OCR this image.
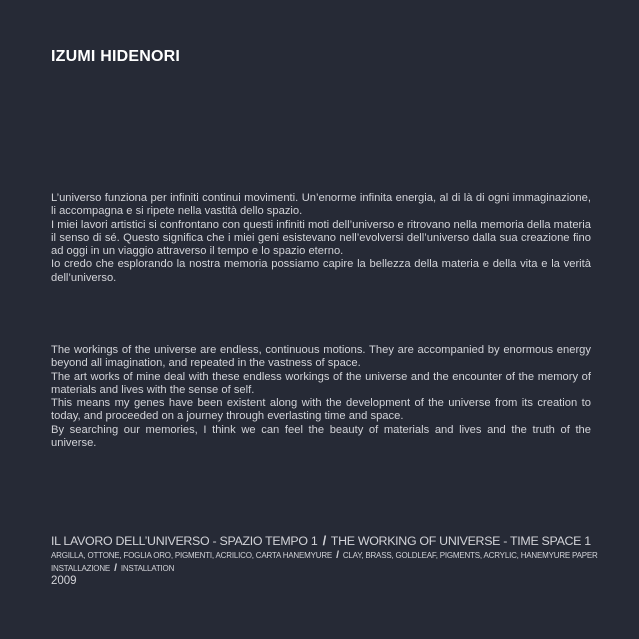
IZUMI HIDENORI

L’universo funziona per infiniti continui movimenti. Un’enorme infinita energia, al di là di ogni immaginazione, li accompagna e si ripete nella vastità dello spazio.

I miei lavori artistici si confrontano con questi infiniti moti dell’universo e ritrovano nella memoria della materia il senso di sé. Questo significa che i miei geni esistevano nell’evolversi dell’universo dalla sua creazione fino ad oggi in un viaggio attraverso il tempo e lo spazio eterno.

Io credo che esplorando la nostra memoria possiamo capire la bellezza della materia e della vita e la verità dell’universo.

The workings of the universe are endless, continuous motions. They are accompanied by enormous energy beyond all imagination, and repeated in the vastness of space.

The art works of mine deal with these endless workings of the universe and the encounter of the memory of materials and lives with the sense of self.

This means my genes have been existent along with the development of the universe from its creation to today, and proceeded on a journey through everlasting time and space.

By searching our memories, I think we can feel the beauty of materials and lives and the truth of the universe.

IL LAVORO DELL’UNIVERSO - SPAZIO TEMPO 1 / THE WORKING OF UNIVERSE - TIME SPACE 1
ARGILLA, OTTONE, FOGLIA ORO, PIGMENTI, ACRILICO, CARTA HANEMYURE / CLAY, BRASS, GOLDLEAF, PIGMENTS, ACRYLIC, HANEMYURE PAPER
INSTALLAZIONE / INSTALLATION
2009
